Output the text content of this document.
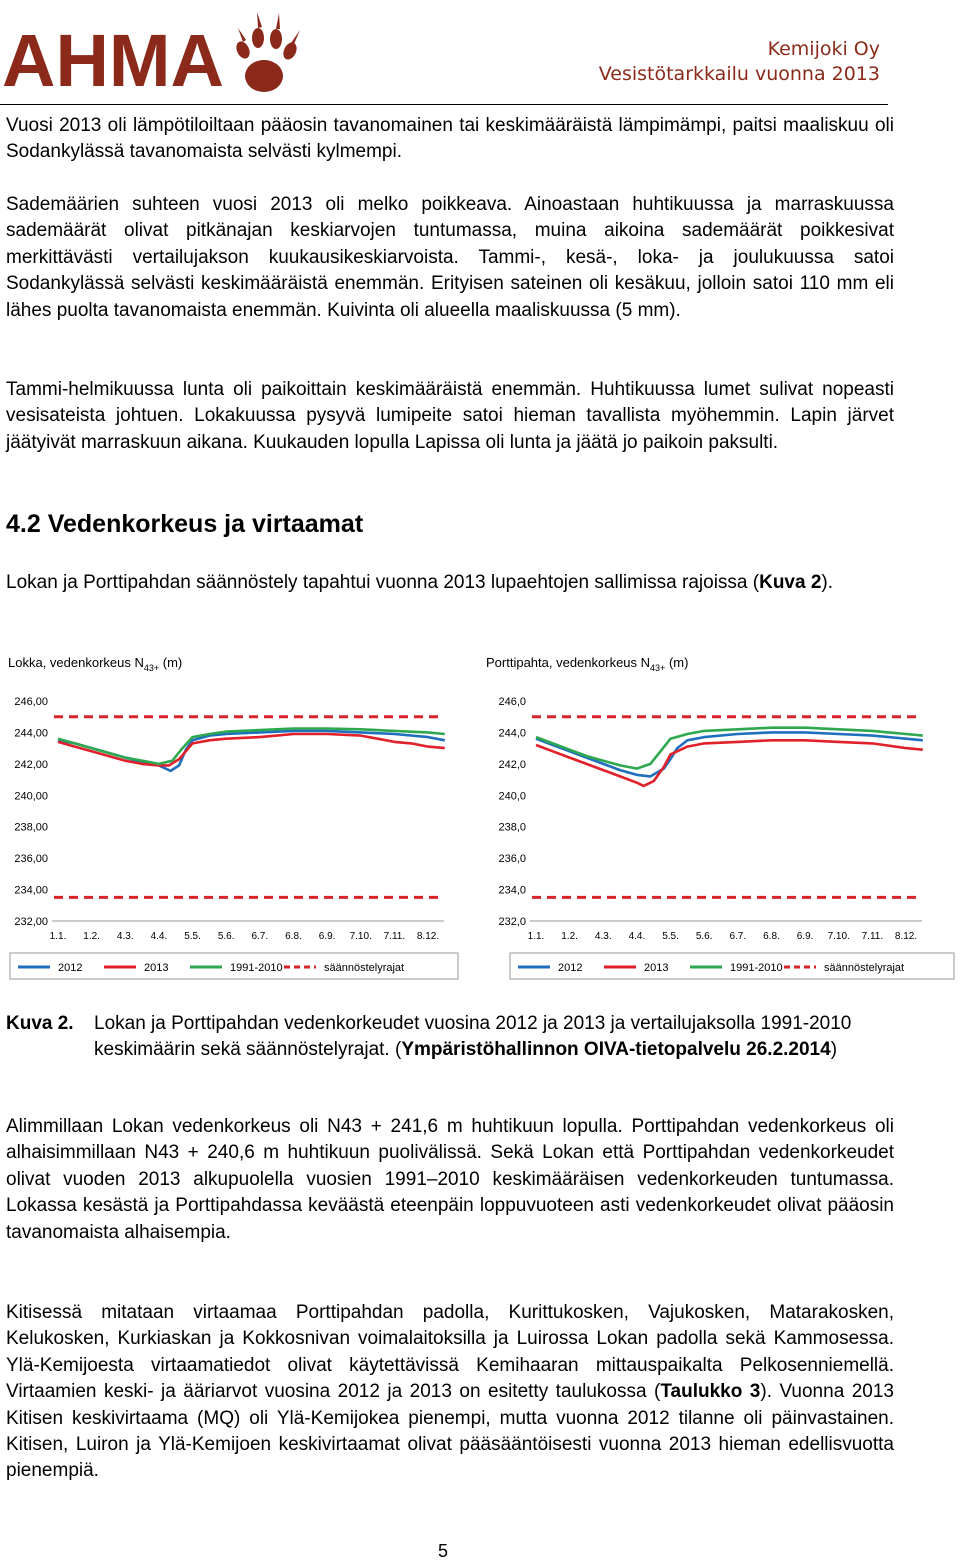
AHMA	Kemijoki Oy
Vesistötarkkailu vuonna 2013

Vuosi 2013 oli lämpötiloiltaan pääosin tavanomainen tai keskimääräistä lämpimämpi, paitsi maaliskuu oli Sodankylässä tavanomaista selvästi kylmempi.

Sademäärien suhteen vuosi 2013 oli melko poikkeava. Ainoastaan huhtikuussa ja marraskuussa sademäärät olivat pitkänajan keskiarvojen tuntumassa, muina aikoina sademäärät poikkesivat merkittävästi vertailujakson kuukausikeskiarvoista. Tammi-, kesä-, loka- ja joulukuussa satoi Sodankylässä selvästi keskimääräistä enemmän. Erityisen sateinen oli kesäkuu, jolloin satoi 110 mm eli lähes puolta tavanomaista enemmän. Kuivinta oli alueella maaliskuussa (5 mm).

Tammi-helmikuussa lunta oli paikoittain keskimääräistä enemmän. Huhtikuussa lumet sulivat nopeasti vesisateista johtuen. Lokakuussa pysyvä lumipeite satoi hieman tavallista myöhemmin. Lapin järvet jäätyivät marraskuun aikana. Kuukauden lopulla Lapissa oli lunta ja jäätä jo paikoin paksulti.

4.2 Vedenkorkeus ja virtaamat

Lokan ja Porttipahdan säännöstely tapahtui vuonna 2013 lupaehtojen sallimissa rajoissa (Kuva 2).

Lokka, vedenkorkeus $N_{43+}$ (m)
246,00
244,00
242,00
240,00
238,00
236,00
234,00
232,00
1.1. 1.2. 4.3. 4.4. 5.5. 5.6. 6.7. 6.8. 6.9. 7.10. 7.11. 8.12.
2012	2013	1991-2010	säännöstelyrajat
Porttipahta, vedenkorkeus $N_{43+}$ (m)
246,0
244,0
242,0
240,0
238,0
236,0
234,0
232,0
1.1. 1.2. 4.3. 4.4. 5.5. 5.6. 6.7. 6.8. 6.9. 7.10. 7.11. 8.12.
2012	2013	1991-2010	säännöstelyrajat

Kuva 2.	Lokan ja Porttipahdan vedenkorkeudet vuosina 2012 ja 2013 ja vertailujaksolla 1991-2010 keskimäärin sekä säännöstelyrajat. (Ympäristöhallinnon OIVA-tietopalvelu 26.2.2014)

Alimmillaan Lokan vedenkorkeus oli N43 + 241,6 m huhtikuun lopulla. Porttipahdan vedenkorkeus oli alhaisimmillaan N43 + 240,6 m huhtikuun puolivälissä. Sekä Lokan että Porttipahdan vedenkorkeudet olivat vuoden 2013 alkupuolella vuosien 1991–2010 keskimääräisen vedenkorkeuden tuntumassa. Lokassa kesästä ja Porttipahdassa keväästä eteenpäin loppuvuoteen asti vedenkorkeudet olivat pääosin tavanomaista alhaisempia.

Kitisessä mitataan virtaamaa Porttipahdan padolla, Kurittukosken, Vajukosken, Matarakosken, Kelukosken, Kurkiaskan ja Kokkosnivan voimalaitoksilla ja Luirossa Lokan padolla sekä Kammosessa. Ylä-Kemijoesta virtaamatiedot olivat käytettävissä Kemihaaran mittauspaikalta Pelkosenniemellä. Virtaamien keski- ja ääriarvot vuosina 2012 ja 2013 on esitetty taulukossa (Taulukko 3). Vuonna 2013 Kitisen keskivirtaama (MQ) oli Ylä-Kemijokea pienempi, mutta vuonna 2012 tilanne oli päinvastainen. Kitisen, Luiron ja Ylä-Kemijoen keskivirtaamat olivat pääsääntöisesti vuonna 2013 hieman edellisvuotta pienempiä.

5
